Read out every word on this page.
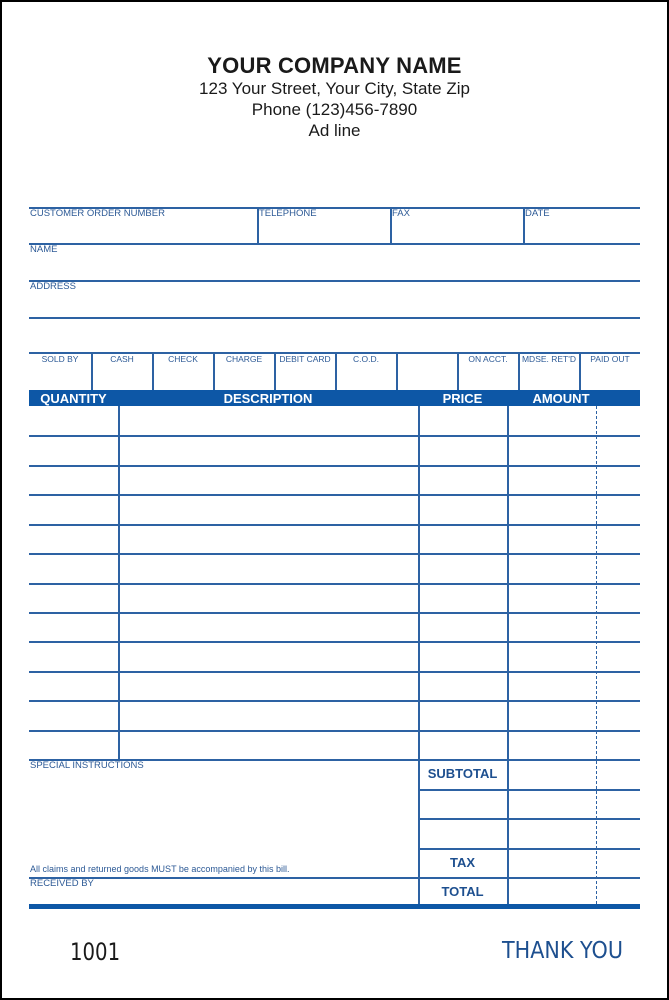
YOUR COMPANY NAME
123 Your Street, Your City, State Zip
Phone (123)456-7890
Ad line
CUSTOMER ORDER NUMBER	TELEPHONE	FAX	DATE
NAME
ADDRESS
SOLD BY	CASH	CHECK	CHARGE	DEBIT CARD	C.O.D.	ON ACCT.	MDSE. RET'D	PAID OUT
QUANTITY	DESCRIPTION	PRICE	AMOUNT
SPECIAL INSTRUCTIONS
All claims and returned goods MUST be accompanied by this bill.
RECEIVED BY
SUBTOTAL
TAX
TOTAL
1001	THANK YOU
